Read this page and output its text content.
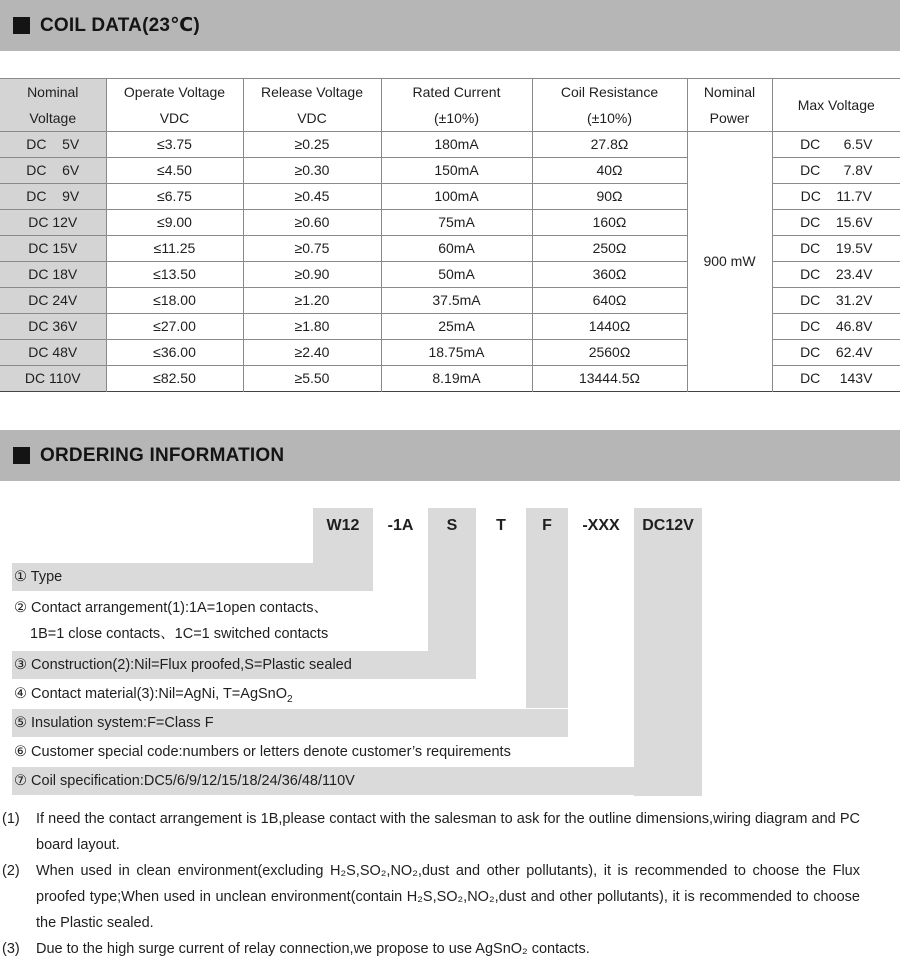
COIL DATA(23℃)
Nominal	Operate Voltage	Release Voltage	Rated Current	Coil Resistance	Nominal	Max Voltage
Voltage	VDC	VDC	(±10%)	(±10%)	Power	
DC    5V	≤3.75	≥0.25	180mA	27.8Ω	900 mW	DC      6.5V
DC    6V	≤4.50	≥0.30	150mA	40Ω		DC      7.8V
DC    9V	≤6.75	≥0.45	100mA	90Ω		DC    11.7V
DC 12V	≤9.00	≥0.60	75mA	160Ω		DC    15.6V
DC 15V	≤11.25	≥0.75	60mA	250Ω		DC    19.5V
DC 18V	≤13.50	≥0.90	50mA	360Ω		DC    23.4V
DC 24V	≤18.00	≥1.20	37.5mA	640Ω		DC    31.2V
DC 36V	≤27.00	≥1.80	25mA	1440Ω		DC    46.8V
DC 48V	≤36.00	≥2.40	18.75mA	2560Ω		DC    62.4V
DC 110V	≤82.50	≥5.50	8.19mA	13444.5Ω		DC     143V
ORDERING INFORMATION
W12	-1A	S	T	F	-XXX	DC12V
① Type
② Contact arrangement(1):1A=1open contacts、
1B=1 close contacts、1C=1 switched contacts
③ Construction(2):Nil=Flux proofed,S=Plastic sealed
④ Contact material(3):Nil=AgNi, T=AgSnO$_2$
⑤ Insulation system:F=Class F
⑥ Customer special code:numbers or letters denote customer’s requirements
⑦ Coil specification:DC5/6/9/12/15/18/24/36/48/110V
(1)	If need the contact arrangement is 1B,please contact with the salesman to ask for the outline dimensions,wiring diagram and PC board layout.
(2)	When used in clean environment(excluding H₂S,SO₂,NO₂,dust and other pollutants), it is recommended to choose the Flux proofed type;When used in unclean environment(contain H₂S,SO₂,NO₂,dust and other pollutants), it is recommended to choose the Plastic sealed.
(3)	Due to the high surge current of relay connection,we propose to use AgSnO₂ contacts.
